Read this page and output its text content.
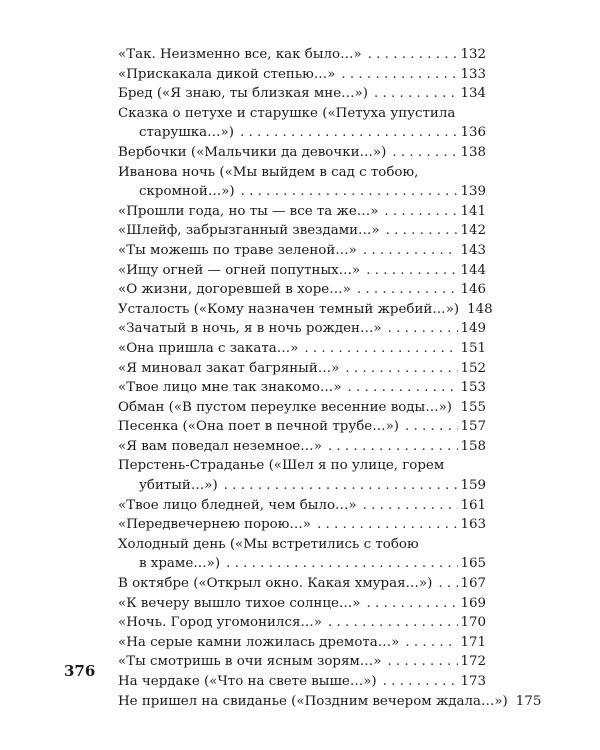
376
«Так. Неизменно все, как было…» . . .	132
«Прискакала дикой степью…» . . .	133
Бред («Я знаю, ты близкая мне…») . . .	134
Сказка о петухе и старушке («Петуха упустила
старушка…») . . .	136
Вербочки («Мальчики да девочки…») . . .	138
Иванова ночь («Мы выйдем в сад с тобою,
скромной…») . . .	139
«Прошли года, но ты — все та же…» . . .	141
«Шлейф, забрызганный звездами…» . . .	142
«Ты можешь по траве зеленой…» . . .	143
«Ищу огней — огней попутных…» . . .	144
«О жизни, догоревшей в хоре…» . . .	146
Усталость («Кому назначен темный жребий…») 148
«Зачатый в ночь, я в ночь рожден…» . . .	149
«Она пришла с заката…» . . .	151
«Я миновал закат багряный…» . . .	152
«Твое лицо мне так знакомо…» . . .	153
Обман («В пустом переулке весенние воды…») . . . 155
Песенка («Она поет в печной трубе…») . . .	157
«Я вам поведал неземное…» . . .	158
Перстень-Страданье («Шел я по улице, горем
убитый…») . . .	159
«Твое лицо бледней, чем было…» . . .	161
«Передвечернею порою…» . . .	163
Холодный день («Мы встретились с тобою
в храме…») . . .	165
В октябре («Открыл окно. Какая хмурая…») . . . 167
«К вечеру вышло тихое солнце…» . . .	169
«Ночь. Город угомонился…» . . .	170
«На серые камни ложилась дремота…» . . .	171
«Ты смотришь в очи ясным зорям…» . . .	172
На чердаке («Что на свете выше…») . . .	173
Не пришел на свиданье («Поздним вечером ждала…») 175
